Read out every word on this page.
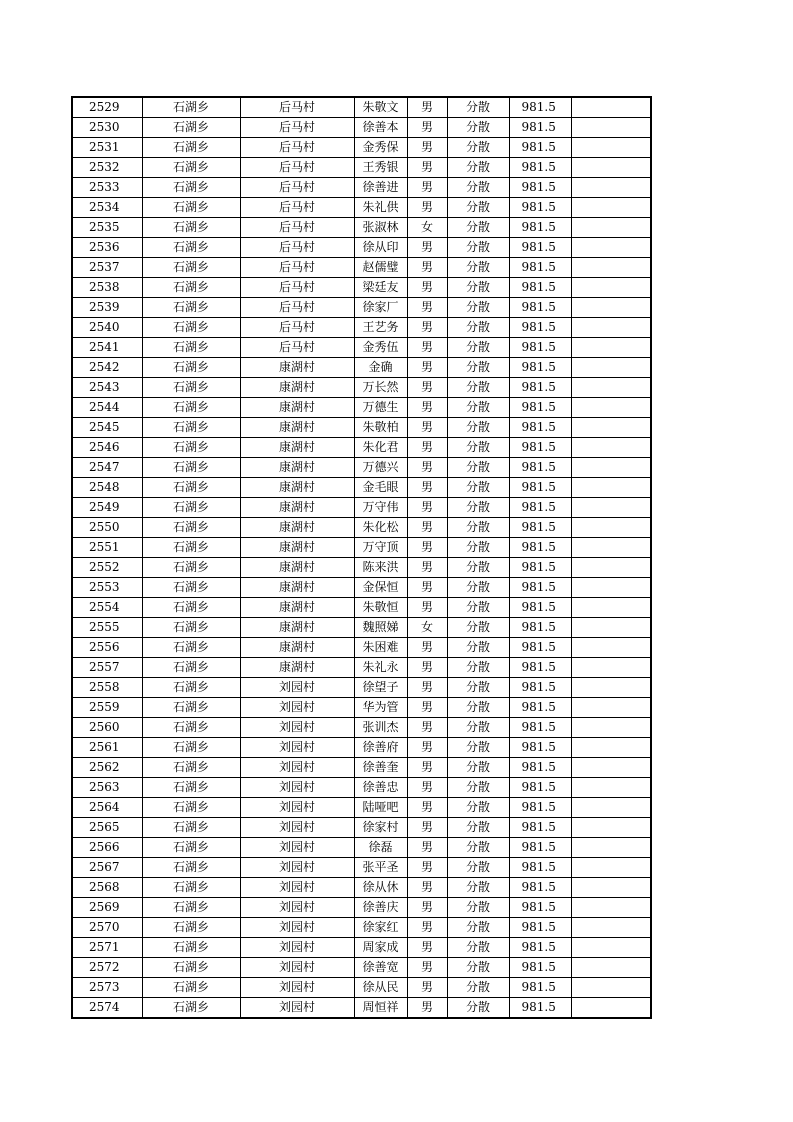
2529	石湖乡	后马村	朱敬文	男	分散	981.5	
2530	石湖乡	后马村	徐善本	男	分散	981.5	
2531	石湖乡	后马村	金秀保	男	分散	981.5	
2532	石湖乡	后马村	王秀银	男	分散	981.5	
2533	石湖乡	后马村	徐善进	男	分散	981.5	
2534	石湖乡	后马村	朱礼供	男	分散	981.5	
2535	石湖乡	后马村	张淑林	女	分散	981.5	
2536	石湖乡	后马村	徐从印	男	分散	981.5	
2537	石湖乡	后马村	赵儒璧	男	分散	981.5	
2538	石湖乡	后马村	梁廷友	男	分散	981.5	
2539	石湖乡	后马村	徐家厂	男	分散	981.5	
2540	石湖乡	后马村	王艺务	男	分散	981.5	
2541	石湖乡	后马村	金秀伍	男	分散	981.5	
2542	石湖乡	康湖村	金确	男	分散	981.5	
2543	石湖乡	康湖村	万长然	男	分散	981.5	
2544	石湖乡	康湖村	万德生	男	分散	981.5	
2545	石湖乡	康湖村	朱敬柏	男	分散	981.5	
2546	石湖乡	康湖村	朱化君	男	分散	981.5	
2547	石湖乡	康湖村	万德兴	男	分散	981.5	
2548	石湖乡	康湖村	金毛眼	男	分散	981.5	
2549	石湖乡	康湖村	万守伟	男	分散	981.5	
2550	石湖乡	康湖村	朱化松	男	分散	981.5	
2551	石湖乡	康湖村	万守顶	男	分散	981.5	
2552	石湖乡	康湖村	陈来洪	男	分散	981.5	
2553	石湖乡	康湖村	金保恒	男	分散	981.5	
2554	石湖乡	康湖村	朱敬恒	男	分散	981.5	
2555	石湖乡	康湖村	魏照娣	女	分散	981.5	
2556	石湖乡	康湖村	朱困难	男	分散	981.5	
2557	石湖乡	康湖村	朱礼永	男	分散	981.5	
2558	石湖乡	刘园村	徐望子	男	分散	981.5	
2559	石湖乡	刘园村	华为管	男	分散	981.5	
2560	石湖乡	刘园村	张训杰	男	分散	981.5	
2561	石湖乡	刘园村	徐善府	男	分散	981.5	
2562	石湖乡	刘园村	徐善奎	男	分散	981.5	
2563	石湖乡	刘园村	徐善忠	男	分散	981.5	
2564	石湖乡	刘园村	陆哑吧	男	分散	981.5	
2565	石湖乡	刘园村	徐家村	男	分散	981.5	
2566	石湖乡	刘园村	徐磊	男	分散	981.5	
2567	石湖乡	刘园村	张平圣	男	分散	981.5	
2568	石湖乡	刘园村	徐从休	男	分散	981.5	
2569	石湖乡	刘园村	徐善庆	男	分散	981.5	
2570	石湖乡	刘园村	徐家红	男	分散	981.5	
2571	石湖乡	刘园村	周家成	男	分散	981.5	
2572	石湖乡	刘园村	徐善宽	男	分散	981.5	
2573	石湖乡	刘园村	徐从民	男	分散	981.5	
2574	石湖乡	刘园村	周恒祥	男	分散	981.5	
